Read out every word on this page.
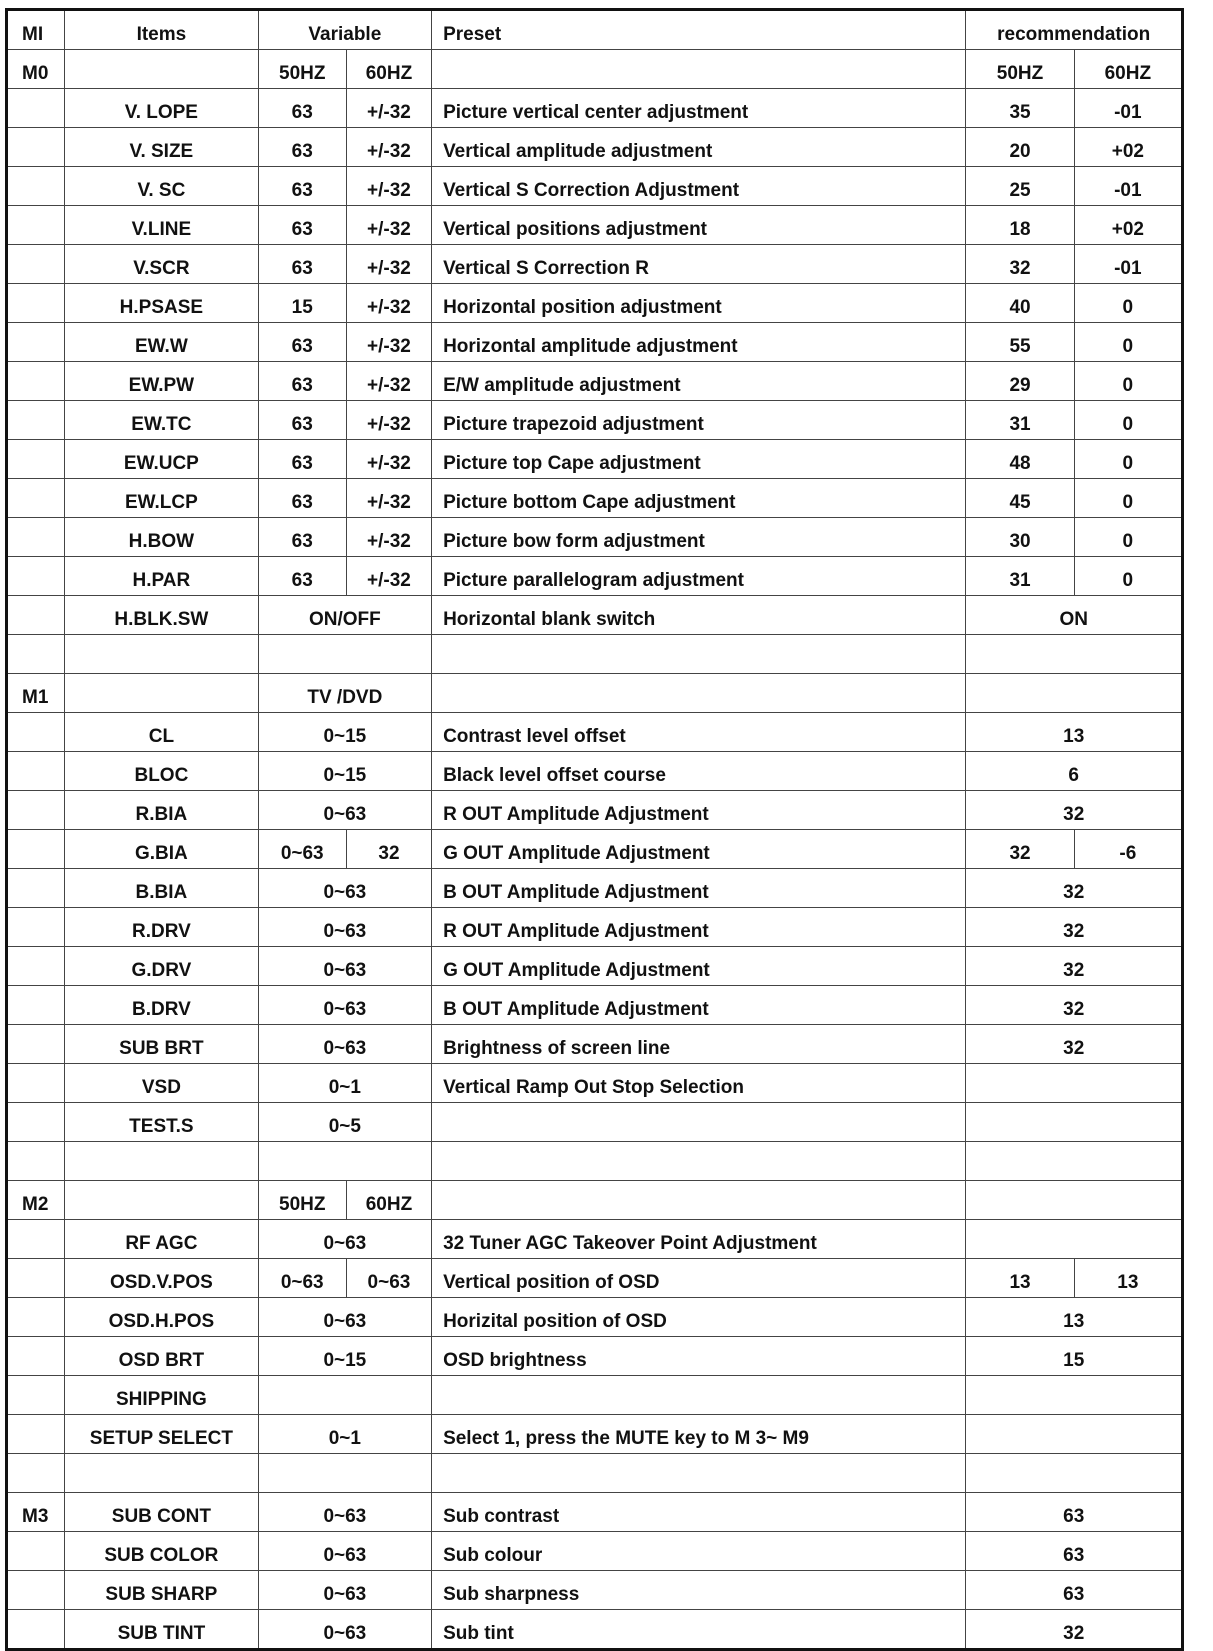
MI	Items	Variable		Preset	recommendation	
M0		50HZ	60HZ		50HZ	60HZ
	V. LOPE	63	+/-32	Picture vertical center adjustment	35	-01
	V. SIZE	63	+/-32	Vertical amplitude adjustment	20	+02
	V. SC	63	+/-32	Vertical S Correction Adjustment	25	-01
	V.LINE	63	+/-32	Vertical positions adjustment	18	+02
	V.SCR	63	+/-32	Vertical S Correction R	32	-01
	H.PSASE	15	+/-32	Horizontal position adjustment	40	0
	EW.W	63	+/-32	Horizontal amplitude adjustment	55	0
	EW.PW	63	+/-32	E/W amplitude adjustment	29	0
	EW.TC	63	+/-32	Picture trapezoid adjustment	31	0
	EW.UCP	63	+/-32	Picture top Cape adjustment	48	0
	EW.LCP	63	+/-32	Picture bottom Cape adjustment	45	0
	H.BOW	63	+/-32	Picture bow form adjustment	30	0
	H.PAR	63	+/-32	Picture parallelogram adjustment	31	0
	H.BLK.SW	ON/OFF		Horizontal blank switch	ON	

M1		TV /DVD				
	CL	0~15		Contrast level offset	13	
	BLOC	0~15		Black level offset course	6	
	R.BIA	0~63		R OUT Amplitude Adjustment	32	
	G.BIA	0~63	32	G OUT Amplitude Adjustment	32	-6
	B.BIA	0~63		B OUT Amplitude Adjustment	32	
	R.DRV	0~63		R OUT Amplitude Adjustment	32	
	G.DRV	0~63		G OUT Amplitude Adjustment	32	
	B.DRV	0~63		B OUT Amplitude Adjustment	32	
	SUB BRT	0~63		Brightness of screen line	32	
	VSD	0~1		Vertical Ramp Out Stop Selection		
	TEST.S	0~5				

M2		50HZ	60HZ			
	RF AGC	0~63		32 Tuner AGC Takeover Point Adjustment		
	OSD.V.POS	0~63	0~63	Vertical position of OSD	13	13
	OSD.H.POS	0~63		Horizital position of OSD	13	
	OSD BRT	0~15		OSD brightness	15	
	SHIPPING					
	SETUP SELECT	0~1		Select 1, press the MUTE key to M 3~ M9		

M3	SUB CONT	0~63		Sub contrast	63	
	SUB COLOR	0~63		Sub colour	63	
	SUB SHARP	0~63		Sub sharpness	63	
	SUB TINT	0~63		Sub tint	32	
